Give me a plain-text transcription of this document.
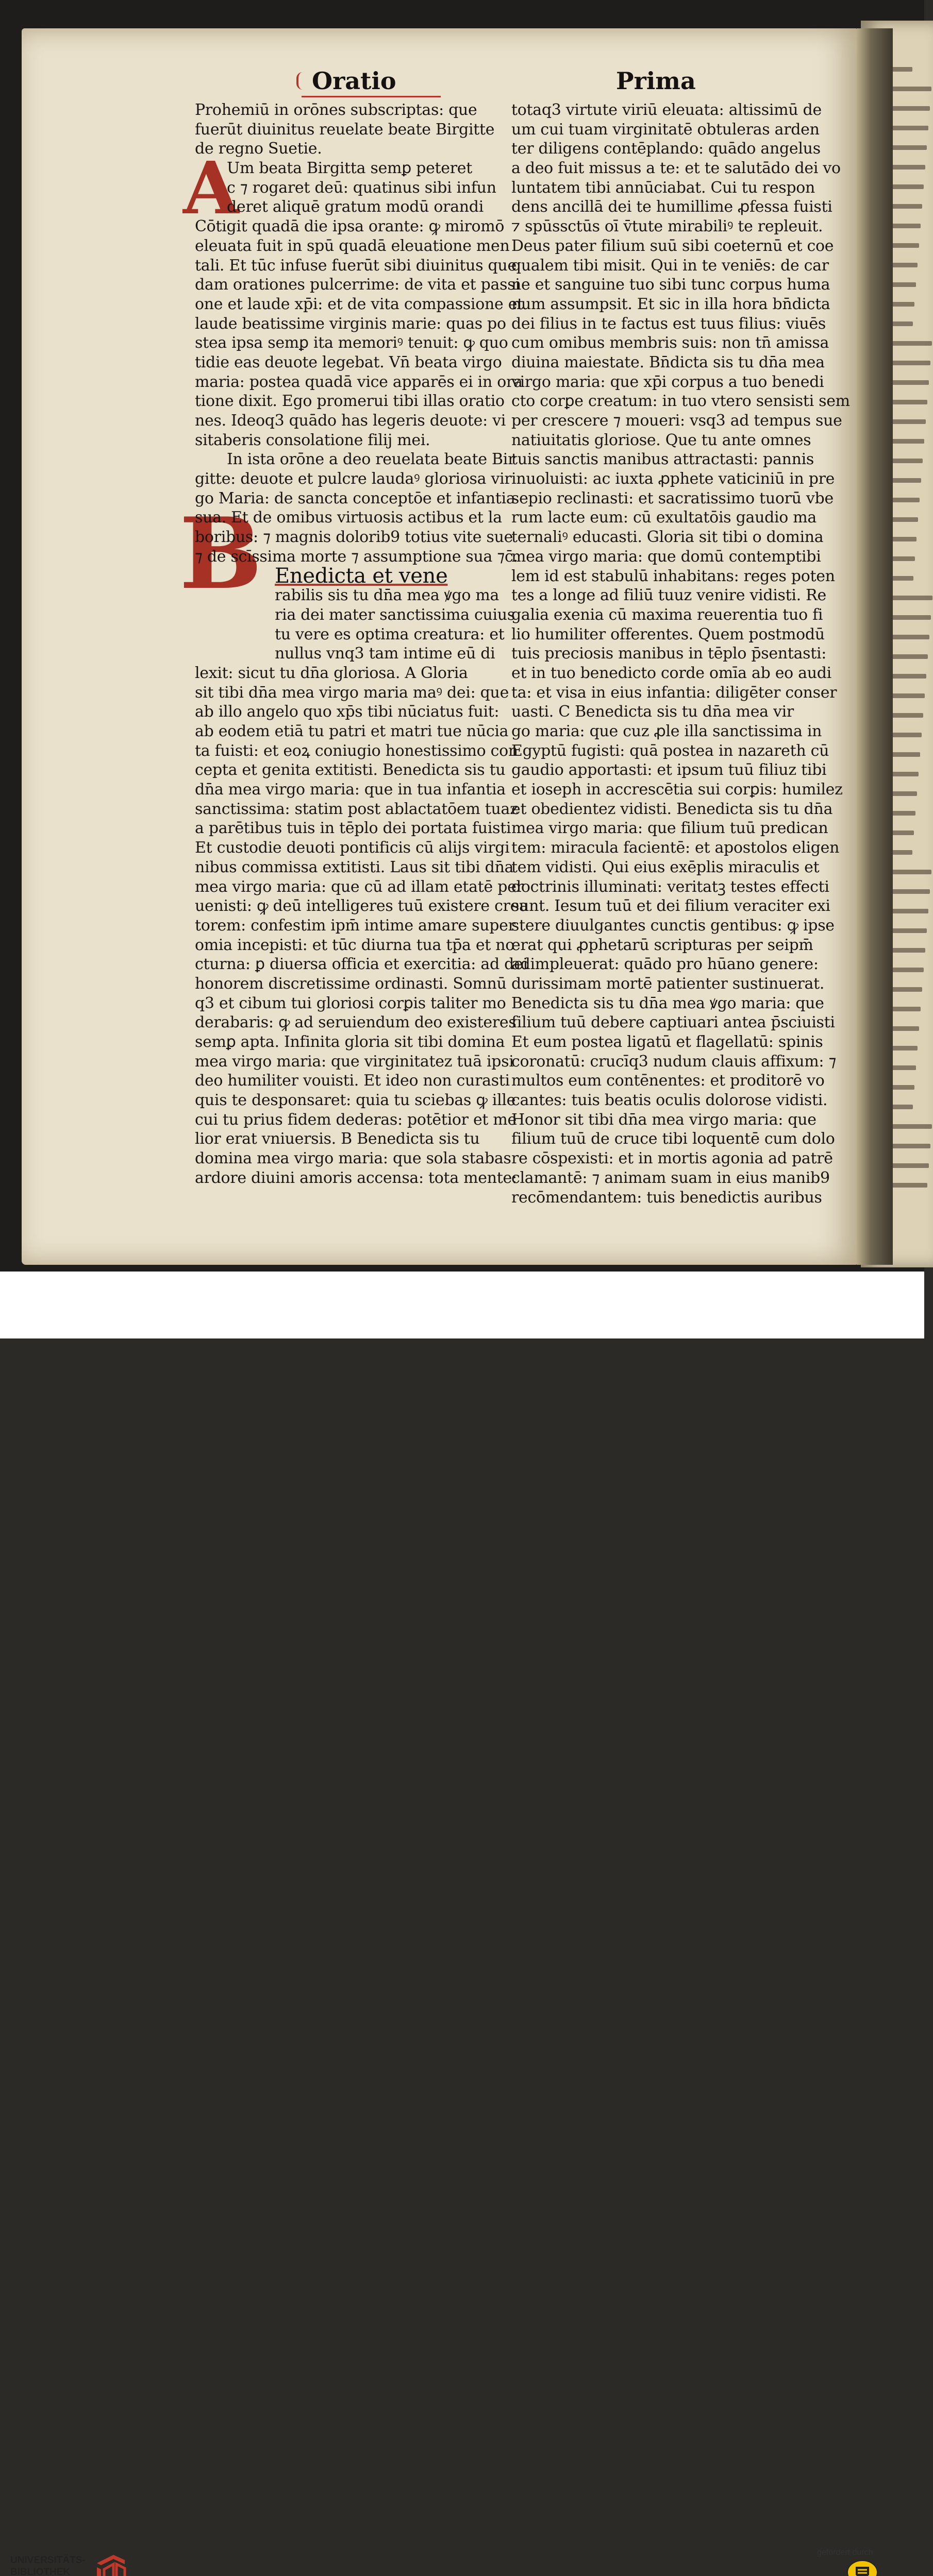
Oratio	Prima
A
B
Prohemiū in orōnes subscriptas: que
fuerūt diuinitus reuelate beate Birgitte
de regno Suetie.
Um beata Birgitta semꝑ peteret
c ⁊ rogaret deū: quatinus sibi infun
deret aliquē gratum modū orandi
Cōtigit quadā die ipsa orante: ꝙ miromō
eleuata fuit in spū quadā eleuatione men
tali. Et tūc infuse fuerūt sibi diuinitus que
dam orationes pulcerrime: de vita et passi
one et laude xp̄i: et de vita compassione et
laude beatissime virginis marie: quas po
stea ipsa semꝑ ita memoriꝰ tenuit: ꝙ quo
tidie eas deuote legebat. Vn̄ beata virgo
maria: postea quadā vice apparēs ei in ora
tione dixit. Ego promerui tibi illas oratio
nes. Ideoq3 quādo has legeris deuote: vi
sitaberis consolatione filij mei.
In ista orōne a deo reuelata beate Bir
gitte: deuote et pulcre laudaꝰ gloriosa vir
go Maria: de sancta conceptōe et infantia
sua. Et de omibus virtuosis actibus et la
boribus: ⁊ magnis dolorib9 totius vite sue
⁊ de scīssima morte ⁊ assumptione sua ⁊c̄.
Enedicta et vene
rabilis sis tu dn̄a mea ꝟgo ma
ria dei mater sanctissima cuius
tu vere es optima creatura: et
nullus vnq3 tam intime eū di
lexit: sicut tu dn̄a gloriosa. A Gloria
sit tibi dn̄a mea virgo maria maꝰ dei: que
ab illo angelo quo xp̄s tibi nūciatus fuit:
ab eodem etiā tu patri et matri tue nūcia
ta fuisti: et eoꝝ coniugio honestissimo con
cepta et genita extitisti. Benedicta sis tu
dn̄a mea virgo maria: que in tua infantia
sanctissima: statim post ablactatōem tuaz
a parētibus tuis in tēplo dei portata fuisti
Et custodie deuoti pontificis cū alijs virgi
nibus commissa extitisti. Laus sit tibi dn̄a
mea virgo maria: que cū ad illam etatē per
uenisti: ꝙ deū intelligeres tuū existere crea
torem: confestim ipm̄ intime amare super
omia incepisti: et tūc diurna tua tp̄a et no
cturna: ꝑ diuersa officia et exercitia: ad dei
honorem discretissime ordinasti. Somnū
q3 et cibum tui gloriosi corꝑis taliter mo
derabaris: ꝙ ad seruiendum deo existeres
semꝑ apta. Infinita gloria sit tibi domina
mea virgo maria: que virginitatez tuā ipsi
deo humiliter vouisti. Et ideo non curasti
quis te desponsaret: quia tu sciebas ꝙ ille
cui tu prius fidem dederas: potētior et me
lior erat vniuersis. B Benedicta sis tu
domina mea virgo maria: que sola stabas
ardore diuini amoris accensa: tota mente:
totaq3 virtute viriū eleuata: altissimū de
um cui tuam virginitatē obtuleras arden
ter diligens contēplando: quādo angelus
a deo fuit missus a te: et te salutādo dei vo
luntatem tibi annūciabat. Cui tu respon
dens ancillā dei te humillime ꝓfessa fuisti
⁊ spūssctūs oī v̄tute mirabiliꝰ te repleuit.
Deus pater filium suū sibi coeternū et coe
qualem tibi misit. Qui in te veniēs: de car
ne et sanguine tuo sibi tunc corpus huma
num assumpsit. Et sic in illa hora bn̄dicta
dei filius in te factus est tuus filius: viuēs
cum omibus membris suis: non tn̄ amissa
diuina maiestate. Bn̄dicta sis tu dn̄a mea
virgo maria: que xp̄i corpus a tuo benedi
cto corꝑe creatum: in tuo vtero sensisti sem
per crescere ⁊ moueri: vsq3 ad tempus sue
natiuitatis gloriose. Que tu ante omnes
tuis sanctis manibus attractasti: pannis
inuoluisti: ac iuxta ꝓphete vaticiniū in pre
sepio reclinasti: et sacratissimo tuorū vbe
rum lacte eum: cū exultatōis gaudio ma
ternaliꝰ educasti. Gloria sit tibi o domina
mea virgo maria: que domū contemptibi
lem id est stabulū inhabitans: reges poten
tes a longe ad filiū tuuz venire vidisti. Re
galia exenia cū maxima reuerentia tuo fi
lio humiliter offerentes. Quem postmodū
tuis preciosis manibus in tēplo p̄sentasti:
et in tuo benedicto corde omīa ab eo audi
ta: et visa in eius infantia: diligēter conser
uasti. C Benedicta sis tu dn̄a mea vir
go maria: que cuz ꝓle illa sanctissima in
Egyptū fugisti: quā postea in nazareth cū
gaudio apportasti: et ipsum tuū filiuz tibi
et ioseph in accrescētia sui corꝑis: humilez
et obedientez vidisti. Benedicta sis tu dn̄a
mea virgo maria: que filium tuū predican
tem: miracula facientē: et apostolos eligen
tem vidisti. Qui eius exēplis miraculis et
doctrinis illuminati: veritatꝫ testes effecti
sunt. Iesum tuū et dei filium veraciter exi
stere diuulgantes cunctis gentibus: ꝙ ipse
erat qui ꝓphetarū scripturas per seipm̄
adimpleuerat: quādo pro hūano genere:
durissimam mortē patienter sustinuerat.
Benedicta sis tu dn̄a mea ꝟgo maria: que
filium tuū debere captiuari antea p̄sciuisti
Et eum postea ligatū et flagellatū: spinis
coronatū: crucīq3 nudum clauis affixum: ⁊
multos eum contēnentes: et proditorē vo
cantes: tuis beatis oculis dolorose vidisti.
Honor sit tibi dn̄a mea virgo maria: que
filium tuū de cruce tibi loquentē cum dolo
re cōspexisti: et in mortis agonia ad patrē
clamantē: ⁊ animam suam in eius manib9
recōmendantem: tuis benedictis auribus
UNIVERSITÄTS-
BIBLIOTHEK
gefördert durch
